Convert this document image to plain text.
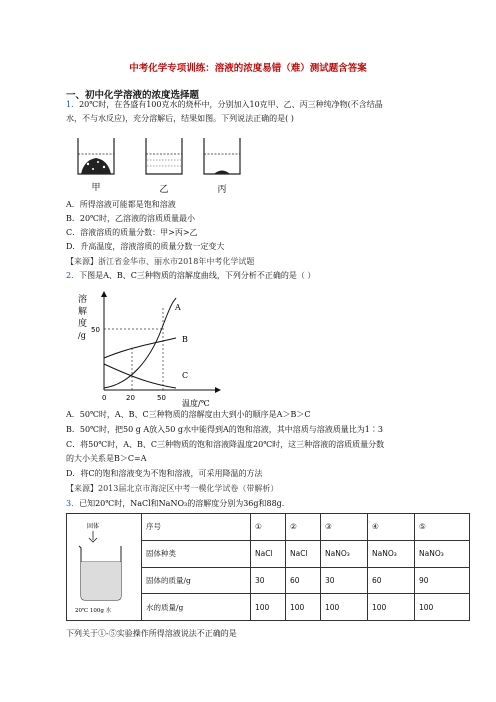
中考化学专项训练：溶液的浓度易错（难）测试题含答案
一、初中化学溶液的浓度选择题
1．20℃时，在各盛有100克水的烧杯中，分别加入10克甲、乙、丙三种纯净物(不含结晶
水，不与水反应)，充分溶解后，结果如图。下列说法正确的是( )
甲	乙	丙
A．所得溶液可能都是饱和溶液
B．20℃时，乙溶液的溶质质量最小
C．溶液溶质的质量分数：甲>丙>乙
D．升高温度，溶液溶质的质量分数一定变大
【来源】浙江省金华市、丽水市2018年中考化学试题
2．下图是A、B、C三种物质的溶解度曲线，下列分析不正确的是（ ）
溶
解
度
/g
50
A
B
C
0	20	50
温度/℃
A．50℃时，A、B、C三种物质的溶解度由大到小的顺序是A＞B＞C
B．50℃时，把50 g A放入50 g水中能得到A的饱和溶液，其中溶质与溶液质量比为1∶3
C．将50℃时，A、B、C三种物质的饱和溶液降温度20℃时，这三种溶液的溶质质量分数
的大小关系是B＞C=A
D．将C的饱和溶液变为不饱和溶液，可采用降温的方法
【来源】2013届北京市海淀区中考一模化学试卷（带解析）
3．已知20℃时，NaCl和NaNO₃的溶解度分别为36g和88g.
固体
20℃ 100g 水	序号	①	②	③	④	⑤
	固体种类	NaCl	NaCl	NaNO₃	NaNO₃	NaNO₃
	固体的质量/g	30	60	30	60	90
	水的质量/g	100	100	100	100	100
下列关于①-⑤实验操作所得溶液说法不正确的是
